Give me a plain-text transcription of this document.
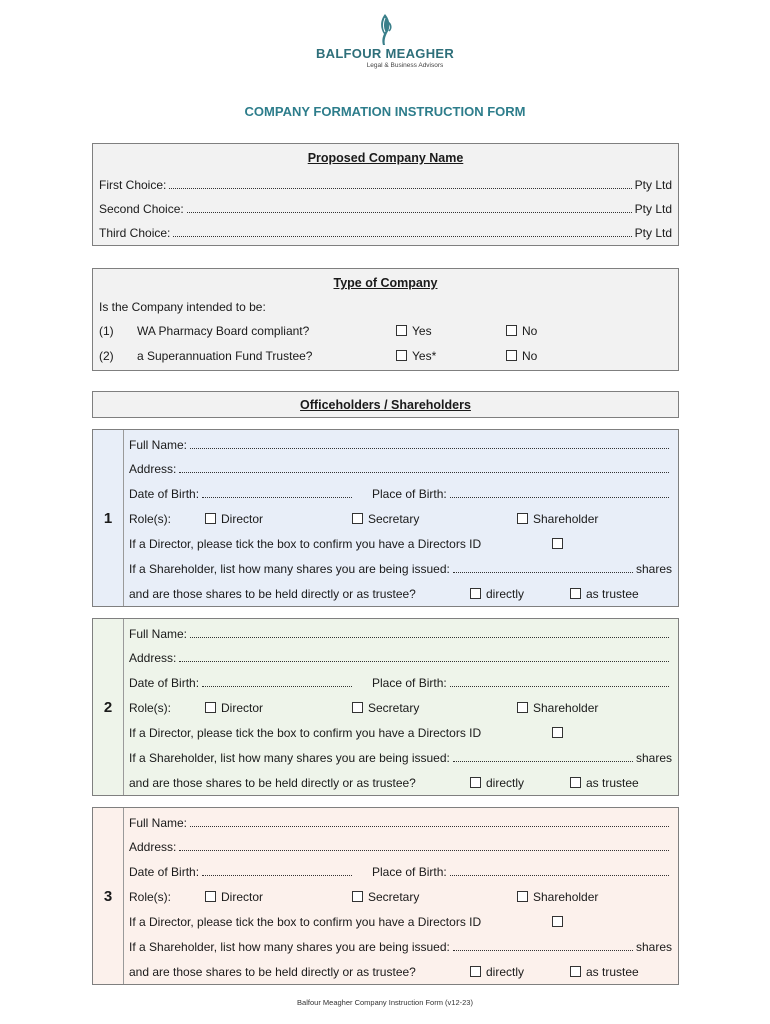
BALFOUR MEAGHER
Legal & Business Advisors
COMPANY FORMATION INSTRUCTION FORM
Proposed Company Name
First Choice:	Pty Ltd
Second Choice:	Pty Ltd
Third Choice:	Pty Ltd
Type of Company
Is the Company intended to be:
(1) WA Pharmacy Board compliant?	Yes	No
(2) a Superannuation Fund Trustee?	Yes*	No
Officeholders / Shareholders
1
Full Name:
Address:
Date of Birth:	Place of Birth:
Role(s):	Director	Secretary	Shareholder
If a Director, please tick the box to confirm you have a Directors ID
If a Shareholder, list how many shares you are being issued:	shares
and are those shares to be held directly or as trustee?	directly	as trustee
2
Full Name:
Address:
Date of Birth:	Place of Birth:
Role(s):	Director	Secretary	Shareholder
If a Director, please tick the box to confirm you have a Directors ID
If a Shareholder, list how many shares you are being issued:	shares
and are those shares to be held directly or as trustee?	directly	as trustee
3
Full Name:
Address:
Date of Birth:	Place of Birth:
Role(s):	Director	Secretary	Shareholder
If a Director, please tick the box to confirm you have a Directors ID
If a Shareholder, list how many shares you are being issued:	shares
and are those shares to be held directly or as trustee?	directly	as trustee
Balfour Meagher Company Instruction Form (v12-23)
